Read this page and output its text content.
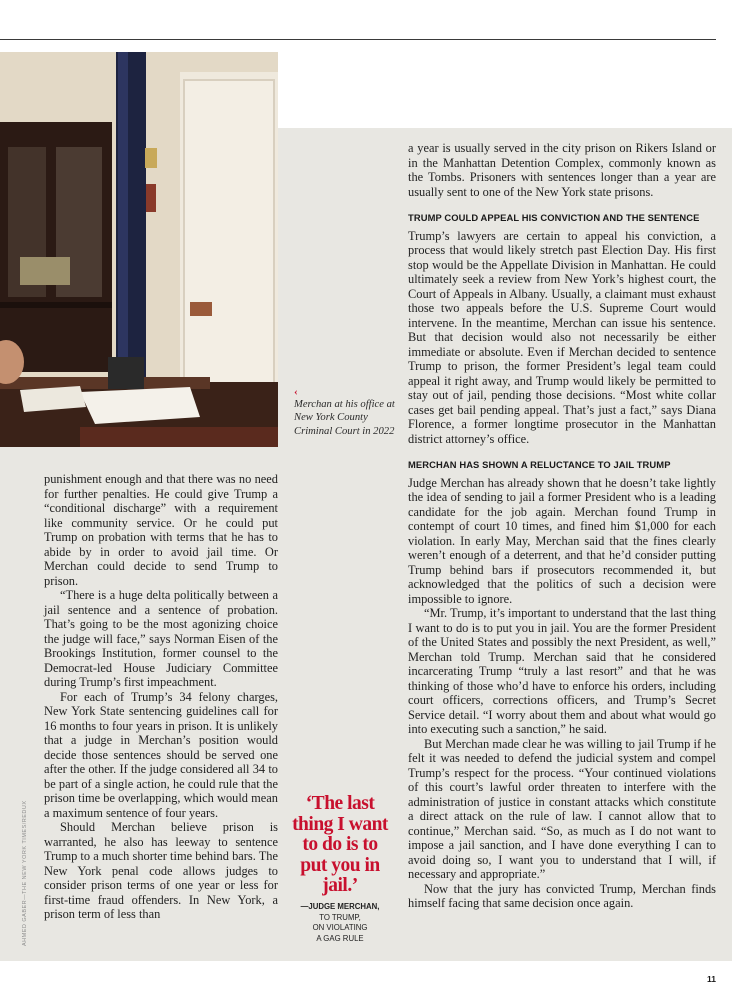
‹
Merchan at his office at New York County Criminal Court in 2022
AHMED GABER—THE NEW YORK TIMES/REDUX

punishment enough and that there was no need for further penalties. He could give Trump a “conditional discharge” with a requirement like community service. Or he could put Trump on probation with terms that he has to abide by in order to avoid jail time. Or Merchan could decide to send Trump to prison.

“There is a huge delta politically between a jail sentence and a sentence of probation. That’s going to be the most agonizing choice the judge will face,” says Norman Eisen of the Brookings Institution, former counsel to the Democrat-led House Judiciary Committee during Trump’s first impeachment.

For each of Trump’s 34 felony charges, New York State sentencing guidelines call for 16 months to four years in prison. It is unlikely that a judge in Merchan’s position would decide those sentences should be served one after the other. If the judge considered all 34 to be part of a single action, he could rule that the prison time be overlapping, which would mean a maximum sentence of four years.

Should Merchan believe prison is warranted, he also has leeway to sentence Trump to a much shorter time behind bars. The New York penal code allows judges to consider prison terms of one year or less for first-time fraud offenders. In New York, a prison term of less than

‘The last thing I want to do is to put you in jail.’
—JUDGE MERCHAN,
TO TRUMP,
ON VIOLATING
A GAG RULE

a year is usually served in the city prison on Rikers Island or in the Manhattan Detention Complex, commonly known as the Tombs. Prisoners with sentences longer than a year are usually sent to one of the New York state prisons.

TRUMP COULD APPEAL HIS CONVICTION AND THE SENTENCE

Trump’s lawyers are certain to appeal his conviction, a process that would likely stretch past Election Day. His first stop would be the Appellate Division in Manhattan. He could ultimately seek a review from New York’s highest court, the Court of Appeals in Albany. Usually, a claimant must exhaust those two appeals before the U.S. Supreme Court would intervene. In the meantime, Merchan can issue his sentence. But that decision would also not necessarily be either immediate or absolute. Even if Merchan decided to sentence Trump to prison, the former President’s legal team could appeal it right away, and Trump would likely be permitted to stay out of jail, pending those decisions. “Most white collar cases get bail pending appeal. That’s just a fact,” says Diana Florence, a former longtime prosecutor in the Manhattan district attorney’s office.

MERCHAN HAS SHOWN A RELUCTANCE TO JAIL TRUMP

Judge Merchan has already shown that he doesn’t take lightly the idea of sending to jail a former President who is a leading candidate for the job again. Merchan found Trump in contempt of court 10 times, and fined him $1,000 for each violation. In early May, Merchan said that the fines clearly weren’t enough of a deterrent, and that he’d consider putting Trump behind bars if prosecutors recommended it, but acknowledged that the politics of such a decision were impossible to ignore.

“Mr. Trump, it’s important to understand that the last thing I want to do is to put you in jail. You are the former President of the United States and possibly the next President, as well,” Merchan told Trump. Merchan said that he considered incarcerating Trump “truly a last resort” and that he was thinking of those who’d have to enforce his orders, including court officers, corrections officers, and Trump’s Secret Service detail. “I worry about them and about what would go into executing such a sanction,” he said.

But Merchan made clear he was willing to jail Trump if he felt it was needed to defend the judicial system and compel Trump’s respect for the process. “Your continued violations of this court’s lawful order threaten to interfere with the administration of justice in constant attacks which constitute a direct attack on the rule of law. I cannot allow that to continue,” Merchan said. “So, as much as I do not want to impose a jail sanction, and I have done everything I can to avoid doing so, I want you to understand that I will, if necessary and appropriate.”

Now that the jury has convicted Trump, Merchan finds himself facing that same decision once again.

11
